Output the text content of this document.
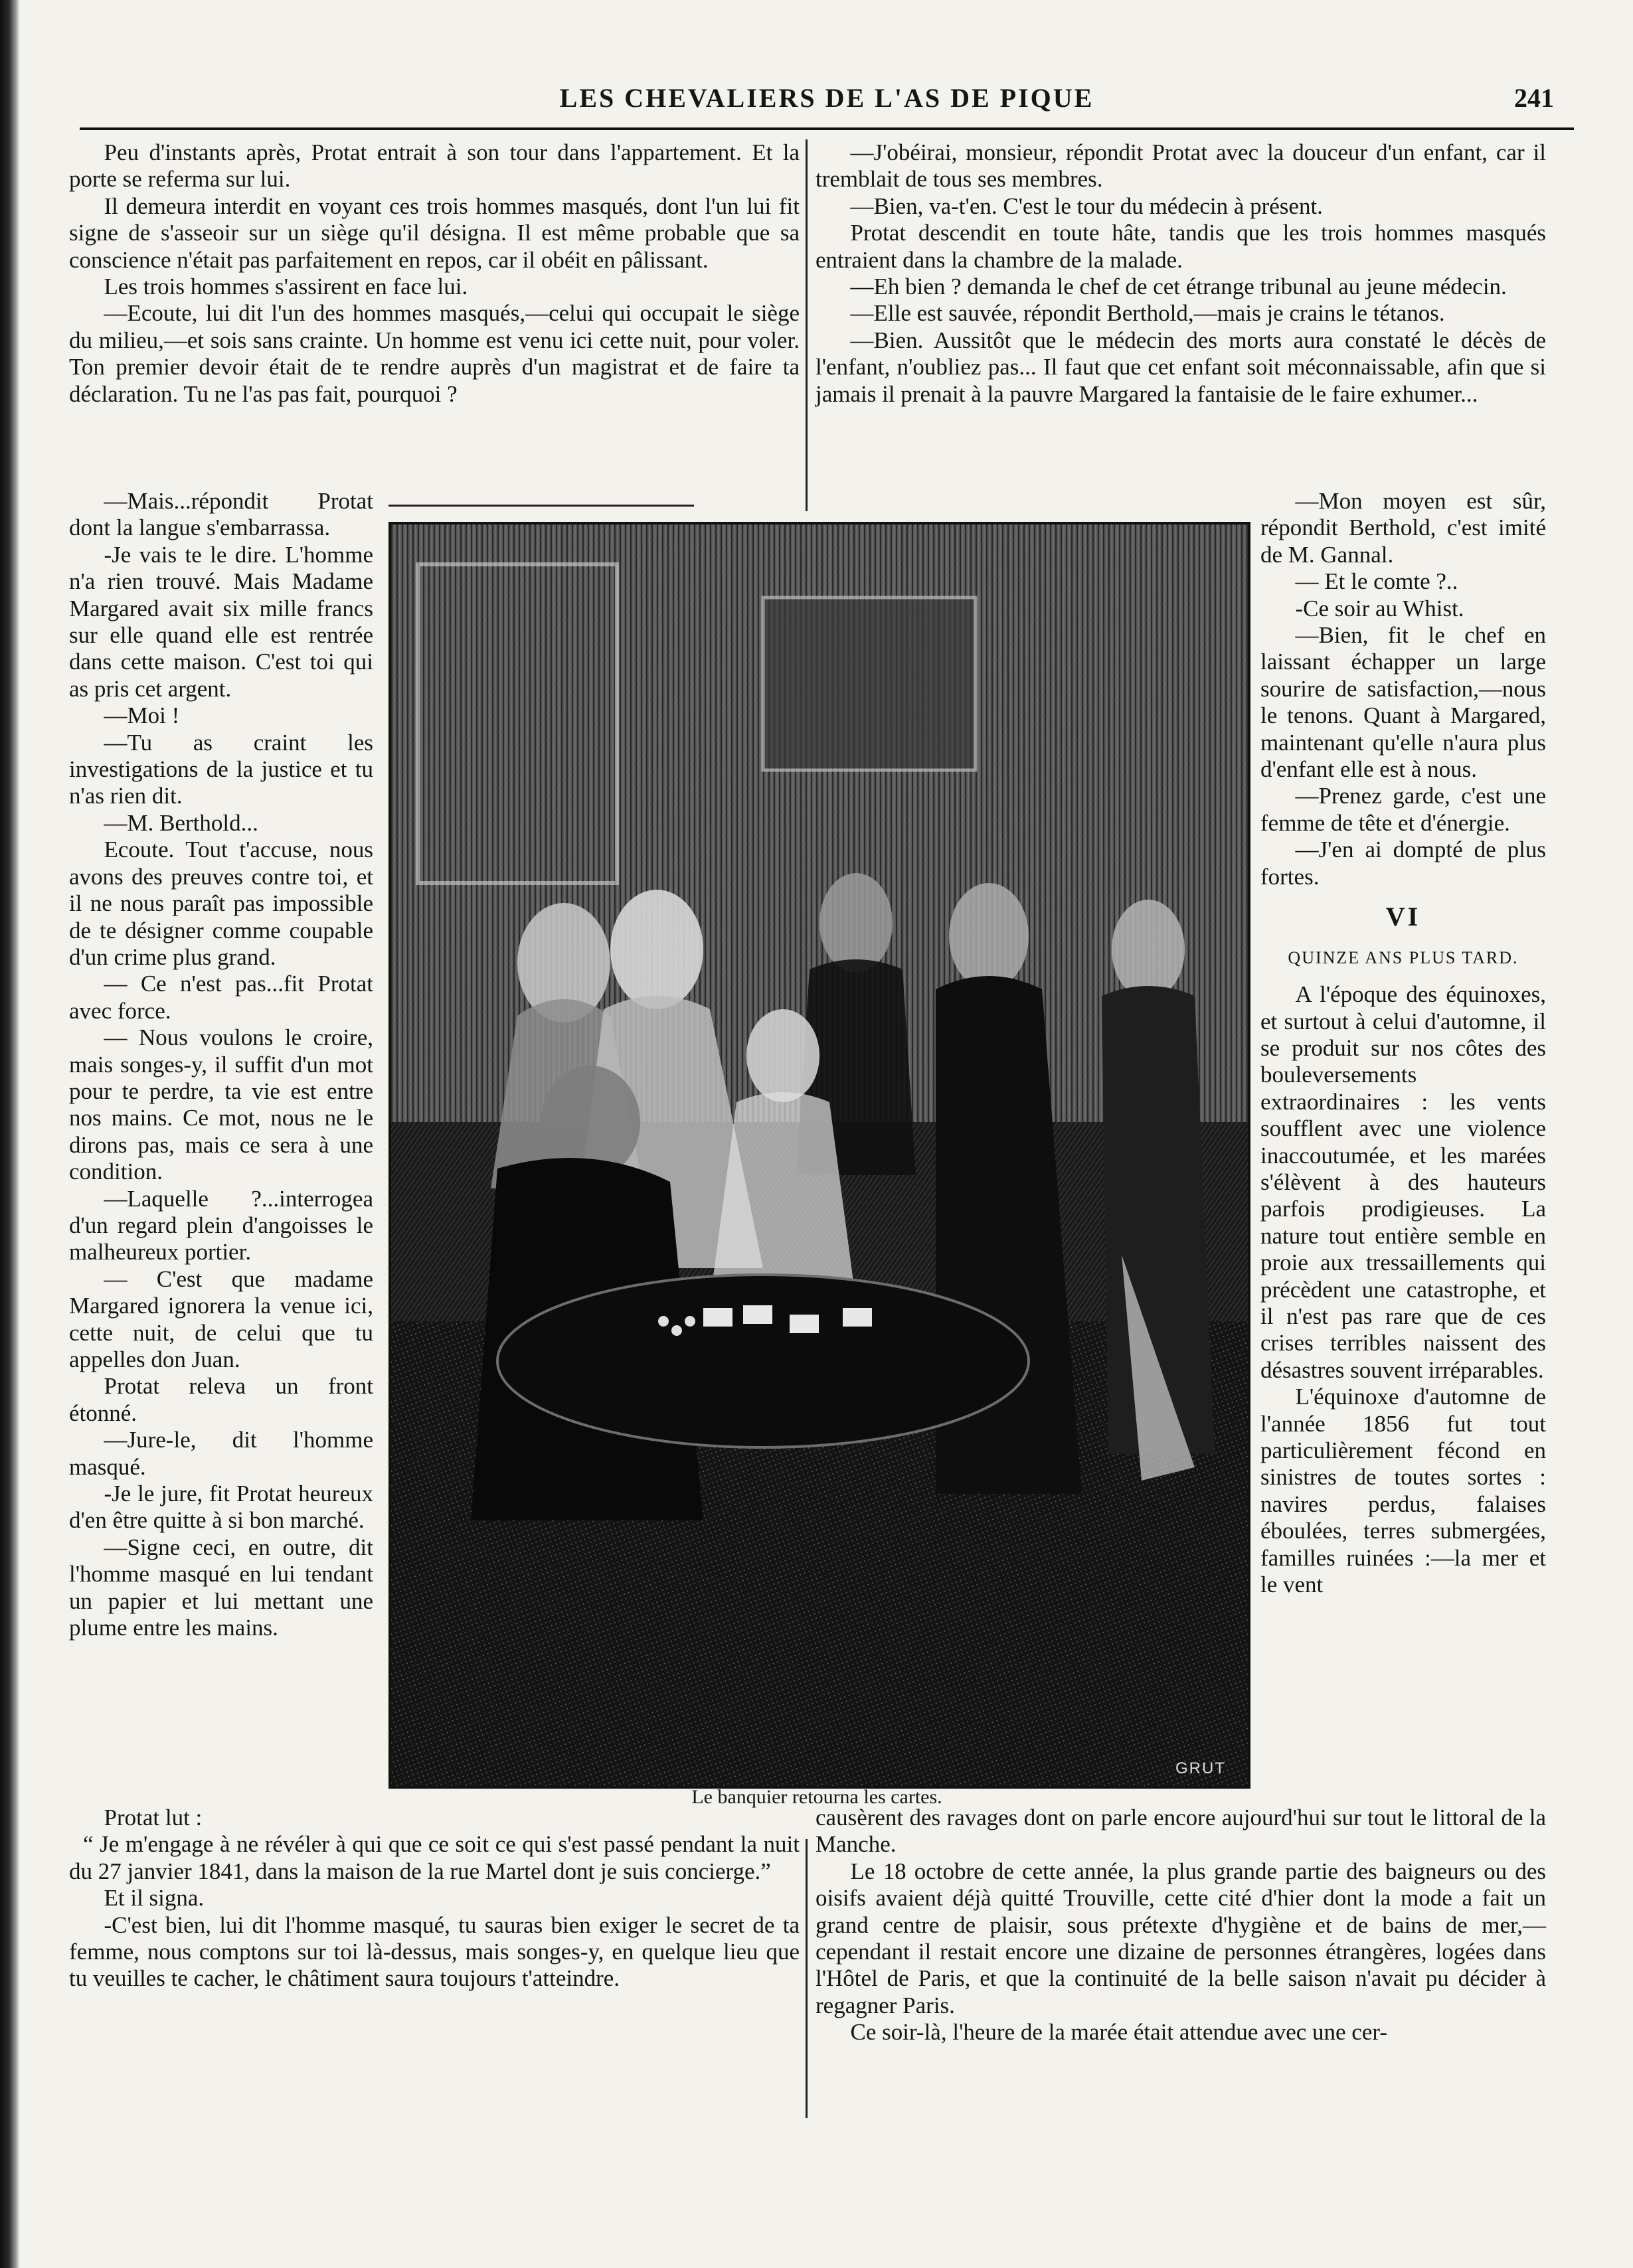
LES CHEVALIERS DE L'AS DE PIQUE	241

Peu d'instants après, Protat entrait à son tour dans l'appartement. Et la porte se referma sur lui.

Il demeura interdit en voyant ces trois hommes masqués, dont l'un lui fit signe de s'asseoir sur un siège qu'il désigna. Il est même probable que sa conscience n'était pas parfaitement en repos, car il obéit en pâlissant.

Les trois hommes s'assirent en face lui.

—Ecoute, lui dit l'un des hommes masqués,—celui qui occupait le siège du milieu,—et sois sans crainte. Un homme est venu ici cette nuit, pour voler. Ton premier devoir était de te rendre auprès d'un magistrat et de faire ta déclaration. Tu ne l'as pas fait, pourquoi ?

—Mais...répondit Protat dont la langue s'embarrassa.

-Je vais te le dire. L'homme n'a rien trouvé. Mais Madame Margared avait six mille francs sur elle quand elle est rentrée dans cette maison. C'est toi qui as pris cet argent.

—Moi !

—Tu as craint les investigations de la justice et tu n'as rien dit.

—M. Berthold...

Ecoute. Tout t'accuse, nous avons des preuves contre toi, et il ne nous paraît pas impossible de te désigner comme coupable d'un crime plus grand.

— Ce n'est pas...fit Protat avec force.

— Nous voulons le croire, mais songes-y, il suffit d'un mot pour te perdre, ta vie est entre nos mains. Ce mot, nous ne le dirons pas, mais ce sera à une condition.

—Laquelle ?...interrogea d'un regard plein d'angoisses le malheureux portier.

— C'est que madame Margared ignorera la venue ici, cette nuit, de celui que tu appelles don Juan.

Protat releva un front étonné.

—Jure-le, dit l'homme masqué.

-Je le jure, fit Protat heureux d'en être quitte à si bon marché.

—Signe ceci, en outre, dit l'homme masqué en lui tendant un papier et lui mettant une plume entre les mains.

Protat lut :

“ Je m'engage à ne révéler à qui que ce soit ce qui s'est passé pendant la nuit du 27 janvier 1841, dans la maison de la rue Martel dont je suis concierge.”

Et il signa.

-C'est bien, lui dit l'homme masqué, tu sauras bien exiger le secret de ta femme, nous comptons sur toi là-dessus, mais songes-y, en quelque lieu que tu veuilles te cacher, le châtiment saura toujours t'atteindre.

—J'obéirai, monsieur, répondit Protat avec la douceur d'un enfant, car il tremblait de tous ses membres.

—Bien, va-t'en. C'est le tour du médecin à présent.

Protat descendit en toute hâte, tandis que les trois hommes masqués entraient dans la chambre de la malade.

—Eh bien ? demanda le chef de cet étrange tribunal au jeune médecin.

—Elle est sauvée, répondit Berthold,—mais je crains le tétanos.

—Bien. Aussitôt que le médecin des morts aura constaté le décès de l'enfant, n'oubliez pas... Il faut que cet enfant soit méconnaissable, afin que si jamais il prenait à la pauvre Margared la fantaisie de le faire exhumer...

—Mon moyen est sûr, répondit Berthold, c'est imité de M. Gannal.

— Et le comte ?..

-Ce soir au Whist.

—Bien, fit le chef en laissant échapper un large sourire de satisfaction,—nous le tenons. Quant à Margared, maintenant qu'elle n'aura plus d'enfant elle est à nous.

—Prenez garde, c'est une femme de tête et d'énergie.

—J'en ai dompté de plus fortes.

VI
QUINZE ANS PLUS TARD.

A l'époque des équinoxes, et surtout à celui d'automne, il se produit sur nos côtes des bouleversements extraordinaires : les vents soufflent avec une violence inaccoutumée, et les marées s'élèvent à des hauteurs parfois prodigieuses. La nature tout entière semble en proie aux tressaillements qui précèdent une catastrophe, et il n'est pas rare que de ces crises terribles naissent des désastres souvent irréparables.

L'équinoxe d'automne de l'année 1856 fut tout particulièrement fécond en sinistres de toutes sortes : navires perdus, falaises éboulées, terres submergées, familles ruinées :—la mer et le vent

causèrent des ravages dont on parle encore aujourd'hui sur tout le littoral de la Manche.

Le 18 octobre de cette année, la plus grande partie des baigneurs ou des oisifs avaient déjà quitté Trouville, cette cité d'hier dont la mode a fait un grand centre de plaisir, sous prétexte d'hygiène et de bains de mer,—cependant il restait encore une dizaine de personnes étrangères, logées dans l'Hôtel de Paris, et que la continuité de la belle saison n'avait pu décider à regagner Paris.

Ce soir-là, l'heure de la marée était attendue avec une cer-

Le banquier retourna les cartes.
GRUT
